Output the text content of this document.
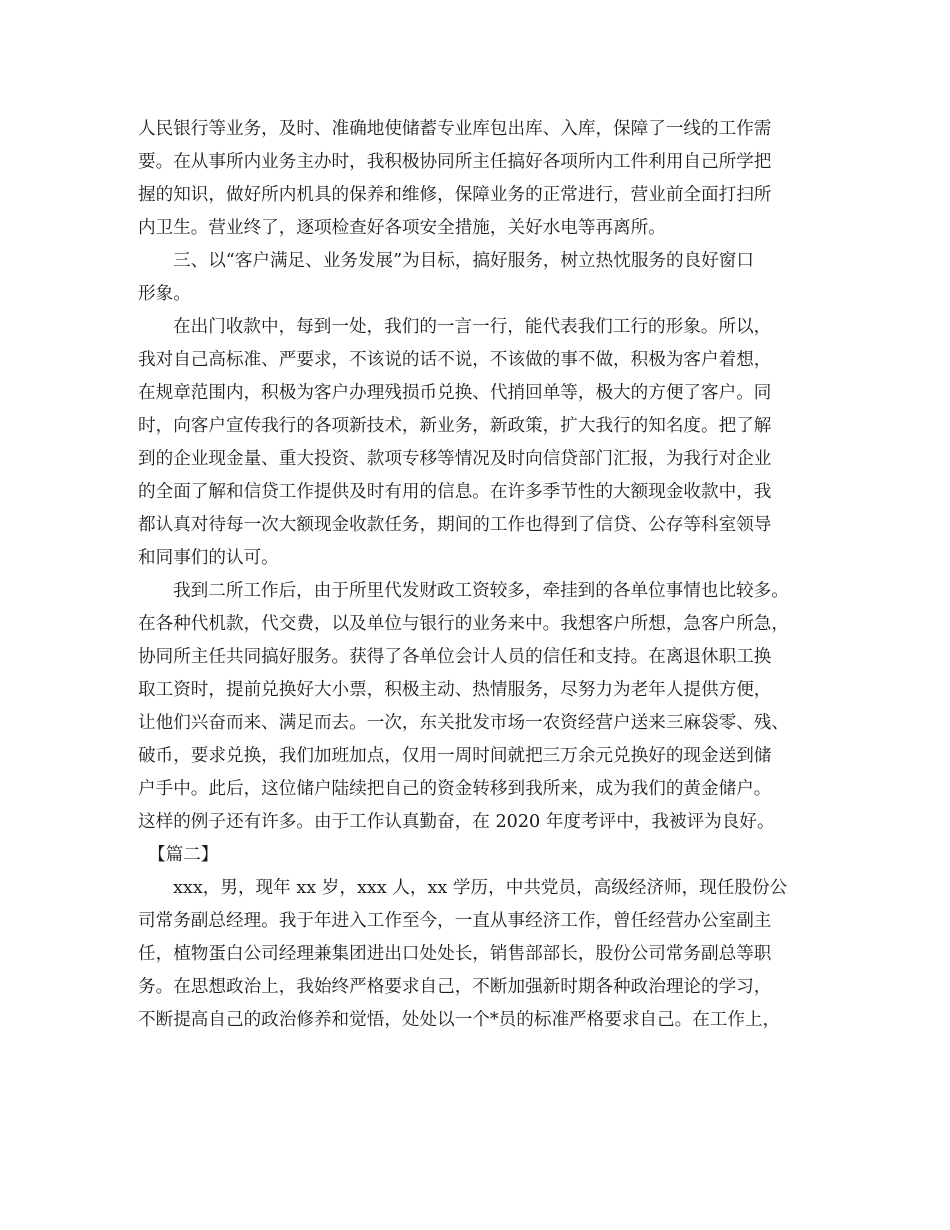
人民银行等业务，及时、准确地使储蓄专业库包出库、入库，保障了一线的工作需
要。在从事所内业务主办时，我积极协同所主任搞好各项所内工件利用自己所学把
握的知识，做好所内机具的保养和维修，保障业务的正常进行，营业前全面打扫所
内卫生。营业终了，逐项检查好各项安全措施，关好水电等再离所。
三、以“客户满足、业务发展”为目标，搞好服务，树立热忱服务的良好窗口
形象。
在出门收款中，每到一处，我们的一言一行，能代表我们工行的形象。所以，
我对自己高标准、严要求，不该说的话不说，不该做的事不做，积极为客户着想，
在规章范围内，积极为客户办理残损币兑换、代捎回单等，极大的方便了客户。同
时，向客户宣传我行的各项新技术，新业务，新政策，扩大我行的知名度。把了解
到的企业现金量、重大投资、款项专移等情况及时向信贷部门汇报，为我行对企业
的全面了解和信贷工作提供及时有用的信息。在许多季节性的大额现金收款中，我
都认真对待每一次大额现金收款任务，期间的工作也得到了信贷、公存等科室领导
和同事们的认可。
我到二所工作后，由于所里代发财政工资较多，牵挂到的各单位事情也比较多。
在各种代机款，代交费，以及单位与银行的业务来中。我想客户所想，急客户所急，
协同所主任共同搞好服务。获得了各单位会计人员的信任和支持。在离退休职工换
取工资时，提前兑换好大小票，积极主动、热情服务，尽努力为老年人提供方便，
让他们兴奋而来、满足而去。一次，东关批发市场一农资经营户送来三麻袋零、残、
破币，要求兑换，我们加班加点，仅用一周时间就把三万余元兑换好的现金送到储
户手中。此后，这位储户陆续把自己的资金转移到我所来，成为我们的黄金储户。
这样的例子还有许多。由于工作认真勤奋，在 2020 年度考评中，我被评为良好。
【篇二】
xxx，男，现年 xx 岁，xxx 人，xx 学历，中共党员，高级经济师，现任股份公
司常务副总经理。我于年进入工作至今，一直从事经济工作，曾任经营办公室副主
任，植物蛋白公司经理兼集团进出口处处长，销售部部长，股份公司常务副总等职
务。在思想政治上，我始终严格要求自己，不断加强新时期各种政治理论的学习，
不断提高自己的政治修养和觉悟，处处以一个*员的标准严格要求自己。在工作上，
